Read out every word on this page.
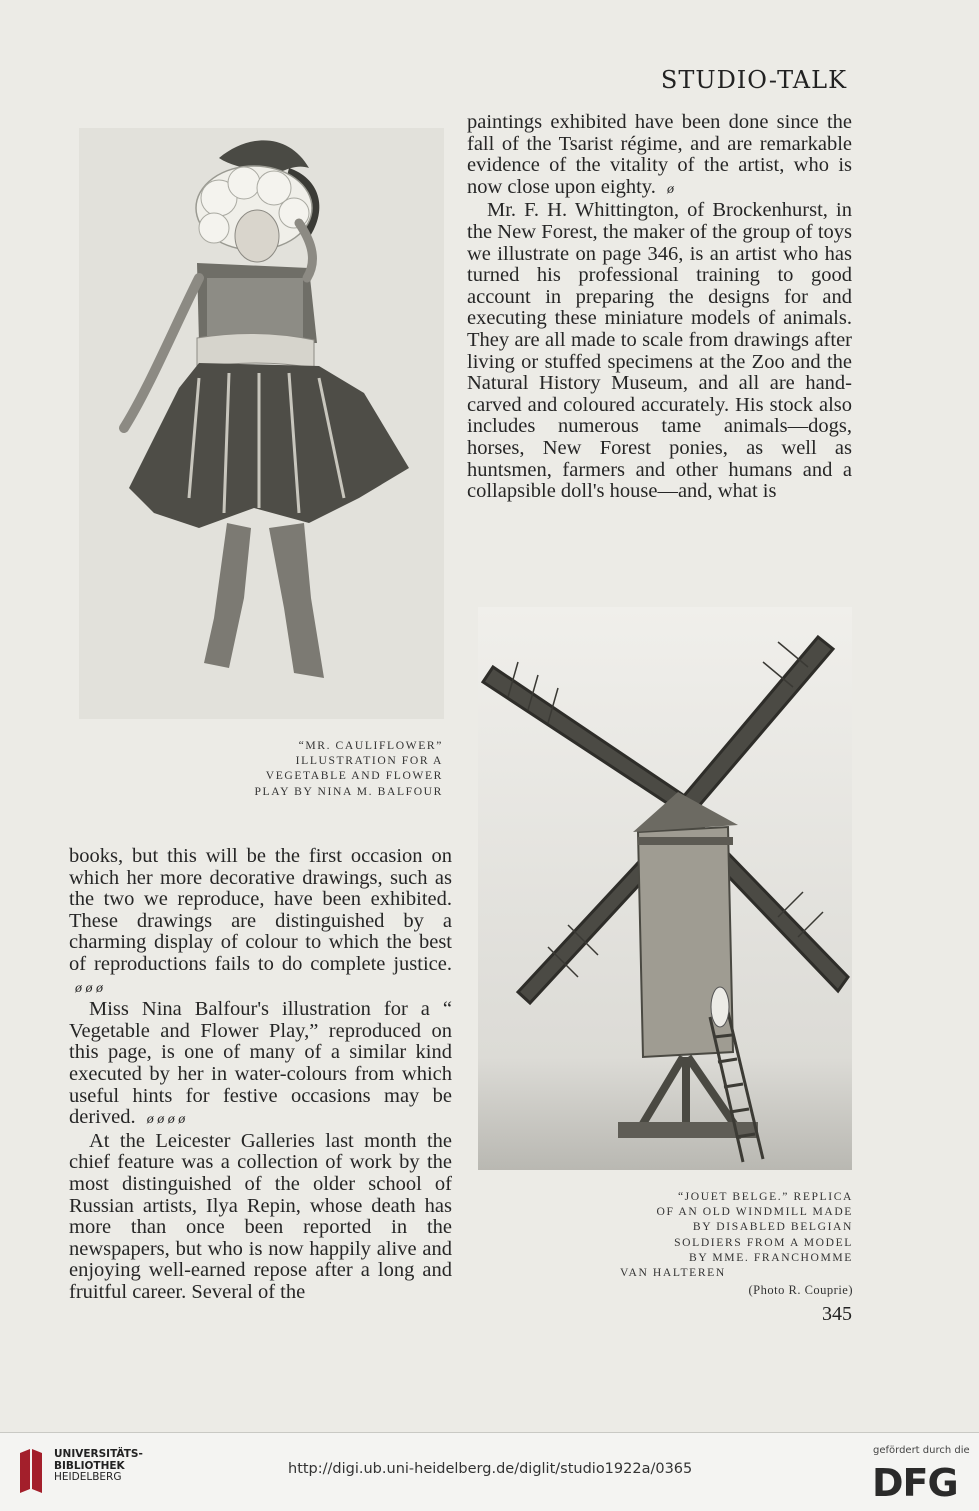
STUDIO-TALK

paintings exhibited have been done since the fall of the Tsarist régime, and are remarkable evidence of the vitality of the artist, who is now close upon eighty. ø

Mr. F. H. Whittington, of Brockenhurst, in the New Forest, the maker of the group of toys we illustrate on page 346, is an artist who has turned his professional training to good account in preparing the designs for and executing these miniature models of animals. They are all made to scale from drawings after living or stuffed specimens at the Zoo and the Natural History Museum, and all are hand-carved and coloured accurately. His stock also includes numerous tame animals—dogs, horses, New Forest ponies, as well as huntsmen, farmers and other humans and a collapsible doll's house—and, what is

“MR. CAULIFLOWER”
ILLUSTRATION FOR A
VEGETABLE AND FLOWER
PLAY BY NINA M. BALFOUR
“JOUET BELGE.” REPLICA
OF AN OLD WINDMILL MADE
BY DISABLED BELGIAN
SOLDIERS FROM A MODEL
BY MME. FRANCHOMME
VAN HALTEREN
(Photo R. Couprie)
345

books, but this will be the first occasion on which her more decorative drawings, such as the two we reproduce, have been exhibited. These drawings are distinguished by a charming display of colour to which the best of reproductions fails to do complete justice. ø ø ø

Miss Nina Balfour's illustration for a “ Vegetable and Flower Play,” reproduced on this page, is one of many of a similar kind executed by her in water-colours from which useful hints for festive occasions may be derived. ø ø ø ø

At the Leicester Galleries last month the chief feature was a collection of work by the most distinguished of the older school of Russian artists, Ilya Repin, whose death has more than once been reported in the newspapers, but who is now happily alive and enjoying well-earned repose after a long and fruitful career. Several of the

UNIVERSITÄTS-
BIBLIOTHEK
HEIDELBERG	http://digi.ub.uni-heidelberg.de/diglit/studio1922a/0365
gefördert durch die
DFG
